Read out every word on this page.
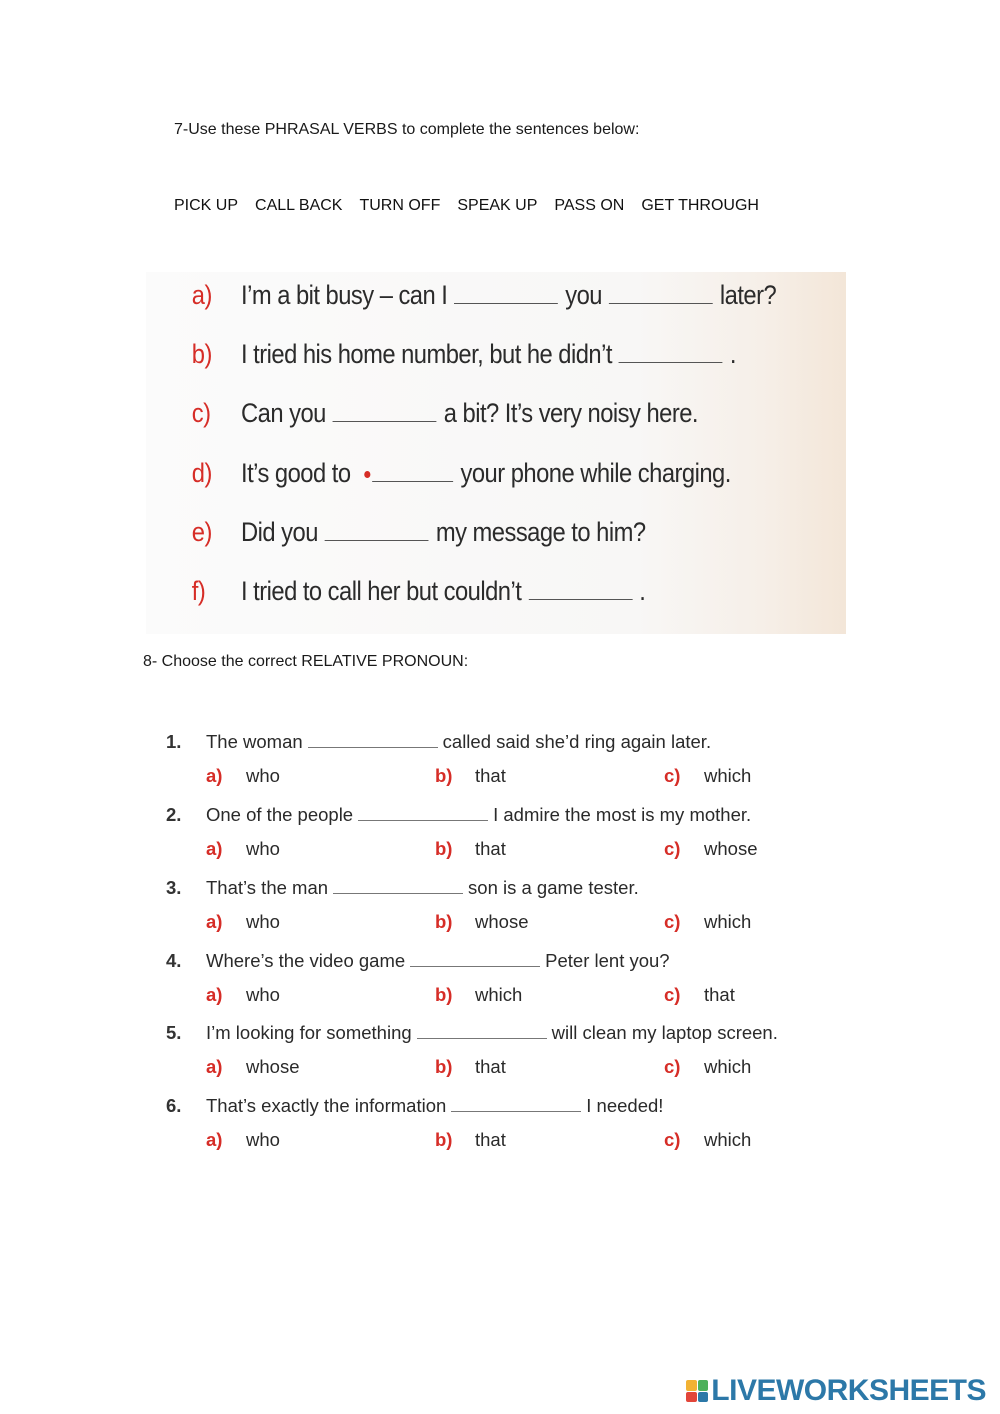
7-Use these PHRASAL VERBS to complete the sentences below:
PICK UP CALL BACK TURN OFF SPEAK UP PASS ON GET THROUGH
a) I’m a bit busy – can I	you	later?
b) I tried his home number, but he didn’t	.
c) Can you	a bit? It’s very noisy here.
d) It’s good to	your phone while charging.
e) Did you	my message to him?
f) I tried to call her but couldn’t	.
8- Choose the correct RELATIVE PRONOUN:
1. The woman	called said she’d ring again later.
a) who	b) that	c) which
2. One of the people	I admire the most is my mother.
a) who	b) that	c) whose
3. That’s the man	son is a game tester.
a) who	b) whose	c) which
4. Where’s the video game	Peter lent you?
a) who	b) which	c) that
5. I’m looking for something	will clean my laptop screen.
a) whose	b) that	c) which
6. That’s exactly the information	I needed!
a) who	b) that	c) which
LIVEWORKSHEETS
